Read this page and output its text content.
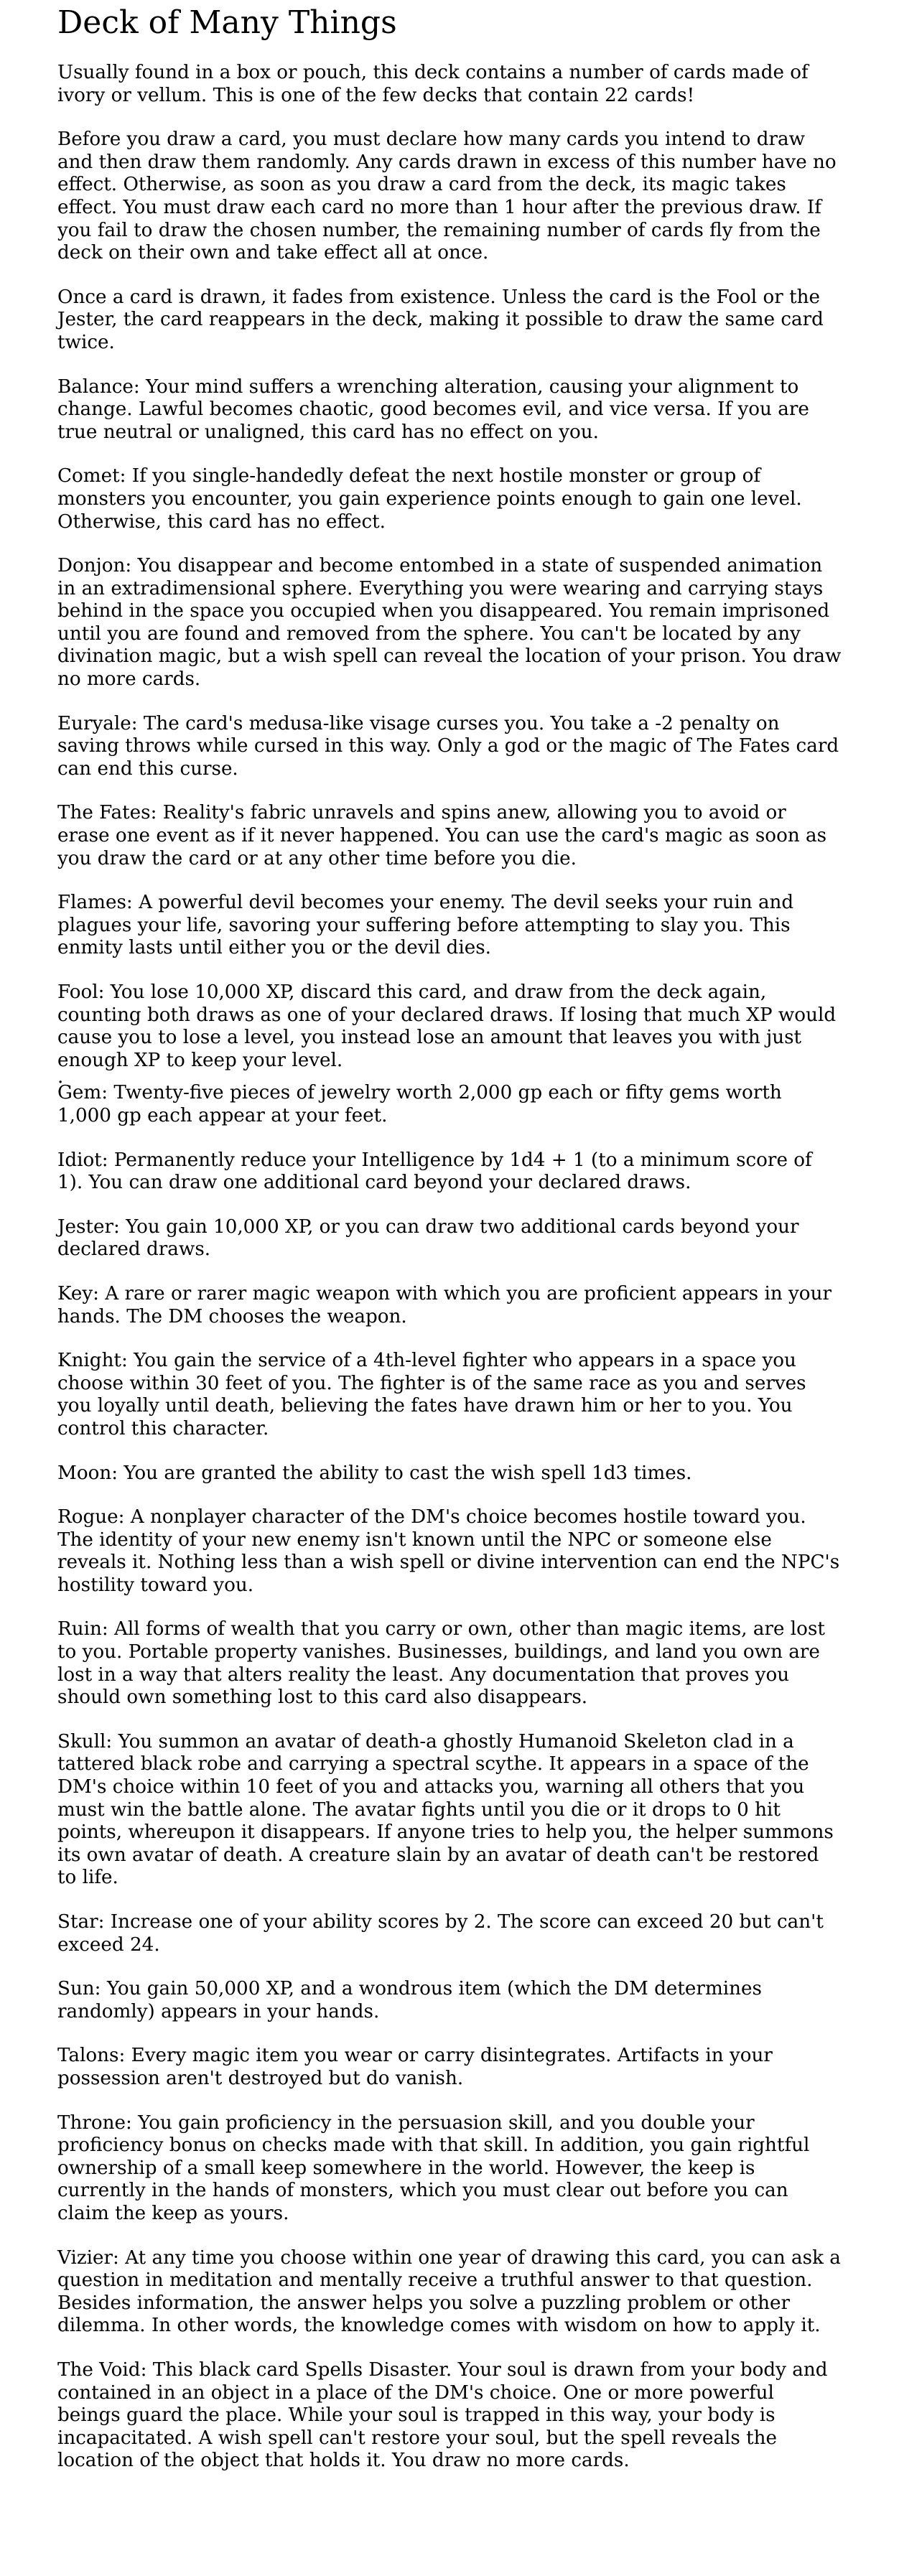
Deck of Many Things

Usually found in a box or pouch, this deck contains a number of cards made of ivory or vellum. This is one of the few decks that contain 22 cards!

Before you draw a card, you must declare how many cards you intend to draw and then draw them randomly. Any cards drawn in excess of this number have no effect. Otherwise, as soon as you draw a card from the deck, its magic takes effect. You must draw each card no more than 1 hour after the previous draw. If you fail to draw the chosen number, the remaining number of cards fly from the deck on their own and take effect all at once.

Once a card is drawn, it fades from existence. Unless the card is the Fool or the Jester, the card reappears in the deck, making it possible to draw the same card twice.

Balance: Your mind suffers a wrenching alteration, causing your alignment to change. Lawful becomes chaotic, good becomes evil, and vice versa. If you are true neutral or unaligned, this card has no effect on you.

Comet: If you single-handedly defeat the next hostile monster or group of monsters you encounter, you gain experience points enough to gain one level. Otherwise, this card has no effect.

Donjon: You disappear and become entombed in a state of suspended animation in an extradimensional sphere. Everything you were wearing and carrying stays behind in the space you occupied when you disappeared. You remain imprisoned until you are found and removed from the sphere. You can't be located by any divination magic, but a wish spell can reveal the location of your prison. You draw no more cards.

Euryale: The card's medusa-like visage curses you. You take a -2 penalty on saving throws while cursed in this way. Only a god or the magic of The Fates card can end this curse.

The Fates: Reality's fabric unravels and spins anew, allowing you to avoid or erase one event as if it never happened. You can use the card's magic as soon as you draw the card or at any other time before you die.

Flames: A powerful devil becomes your enemy. The devil seeks your ruin and plagues your life, savoring your suffering before attempting to slay you. This enmity lasts until either you or the devil dies.

Fool: You lose 10,000 XP, discard this card, and draw from the deck again, counting both draws as one of your declared draws. If losing that much XP would cause you to lose a level, you instead lose an amount that leaves you with just enough XP to keep your level.

.

Gem: Twenty-five pieces of jewelry worth 2,000 gp each or fifty gems worth 1,000 gp each appear at your feet.

Idiot: Permanently reduce your Intelligence by 1d4 + 1 (to a minimum score of 1). You can draw one additional card beyond your declared draws.

Jester: You gain 10,000 XP, or you can draw two additional cards beyond your declared draws.

Key: A rare or rarer magic weapon with which you are proficient appears in your hands. The DM chooses the weapon.

Knight: You gain the service of a 4th-level fighter who appears in a space you choose within 30 feet of you. The fighter is of the same race as you and serves you loyally until death, believing the fates have drawn him or her to you. You control this character.

Moon: You are granted the ability to cast the wish spell 1d3 times.

Rogue: A nonplayer character of the DM's choice becomes hostile toward you. The identity of your new enemy isn't known until the NPC or someone else reveals it. Nothing less than a wish spell or divine intervention can end the NPC's hostility toward you.

Ruin: All forms of wealth that you carry or own, other than magic items, are lost to you. Portable property vanishes. Businesses, buildings, and land you own are lost in a way that alters reality the least. Any documentation that proves you should own something lost to this card also disappears.

Skull: You summon an avatar of death-a ghostly Humanoid Skeleton clad in a tattered black robe and carrying a spectral scythe. It appears in a space of the DM's choice within 10 feet of you and attacks you, warning all others that you must win the battle alone. The avatar fights until you die or it drops to 0 hit points, whereupon it disappears. If anyone tries to help you, the helper summons its own avatar of death. A creature slain by an avatar of death can't be restored to life.

Star: Increase one of your ability scores by 2. The score can exceed 20 but can't exceed 24.

Sun: You gain 50,000 XP, and a wondrous item (which the DM determines randomly) appears in your hands.

Talons: Every magic item you wear or carry disintegrates. Artifacts in your possession aren't destroyed but do vanish.

Throne: You gain proficiency in the persuasion skill, and you double your proficiency bonus on checks made with that skill. In addition, you gain rightful ownership of a small keep somewhere in the world. However, the keep is currently in the hands of monsters, which you must clear out before you can claim the keep as yours.

Vizier: At any time you choose within one year of drawing this card, you can ask a question in meditation and mentally receive a truthful answer to that question. Besides information, the answer helps you solve a puzzling problem or other dilemma. In other words, the knowledge comes with wisdom on how to apply it.

The Void: This black card Spells Disaster. Your soul is drawn from your body and contained in an object in a place of the DM's choice. One or more powerful beings guard the place. While your soul is trapped in this way, your body is incapacitated. A wish spell can't restore your soul, but the spell reveals the location of the object that holds it. You draw no more cards.
